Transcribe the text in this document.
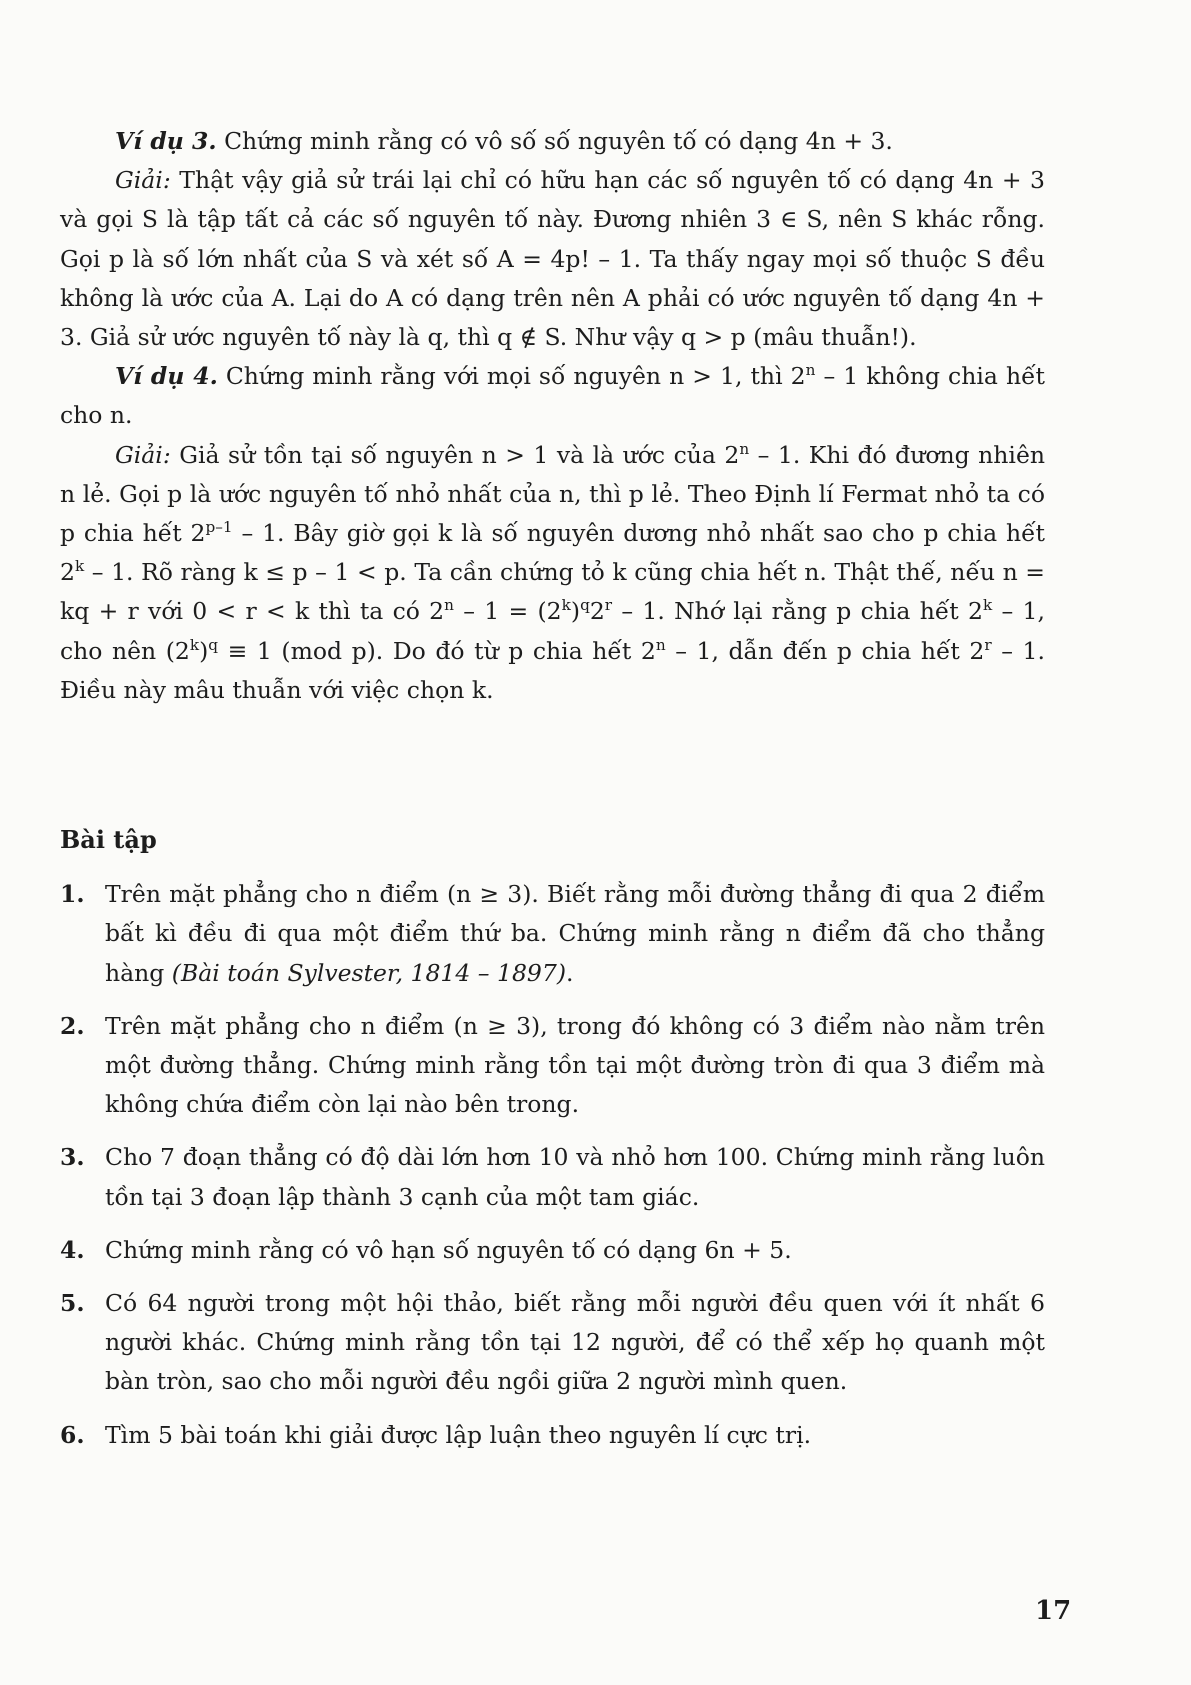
Ví dụ 3. Chứng minh rằng có vô số số nguyên tố có dạng 4n + 3.

Giải: Thật vậy giả sử trái lại chỉ có hữu hạn các số nguyên tố có dạng 4n + 3 và gọi S là tập tất cả các số nguyên tố này. Đương nhiên 3 ∈ S, nên S khác rỗng. Gọi p là số lớn nhất của S và xét số A = 4p! – 1. Ta thấy ngay mọi số thuộc S đều không là ước của A. Lại do A có dạng trên nên A phải có ước nguyên tố dạng 4n + 3. Giả sử ước nguyên tố này là q, thì q ∉ S. Như vậy q > p (mâu thuẫn!).

Ví dụ 4. Chứng minh rằng với mọi số nguyên n > 1, thì 2$^n$ – 1 không chia hết cho n.

Giải: Giả sử tồn tại số nguyên n > 1 và là ước của 2$^n$ – 1. Khi đó đương nhiên n lẻ. Gọi p là ước nguyên tố nhỏ nhất của n, thì p lẻ. Theo Định lí Fermat nhỏ ta có p chia hết 2$^{p-1}$ – 1. Bây giờ gọi k là số nguyên dương nhỏ nhất sao cho p chia hết 2$^k$ – 1. Rõ ràng k ≤ p – 1 < p. Ta cần chứng tỏ k cũng chia hết n. Thật thế, nếu n = kq + r với 0 < r < k thì ta có $2^n - 1 = (2^k)^q2^r - 1$. Nhớ lại rằng p chia hết 2$^k$ – 1, cho nên $(2^k)^q \equiv 1$ (mod p). Do đó từ p chia hết 2$^n$ – 1, dẫn đến p chia hết 2$^r$ – 1. Điều này mâu thuẫn với việc chọn k.

Bài tập
1. Trên mặt phẳng cho n điểm (n ≥ 3). Biết rằng mỗi đường thẳng đi qua 2 điểm bất kì đều đi qua một điểm thứ ba. Chứng minh rằng n điểm đã cho thẳng hàng (Bài toán Sylvester, 1814 – 1897).
2. Trên mặt phẳng cho n điểm (n ≥ 3), trong đó không có 3 điểm nào nằm trên một đường thẳng. Chứng minh rằng tồn tại một đường tròn đi qua 3 điểm mà không chứa điểm còn lại nào bên trong.
3. Cho 7 đoạn thẳng có độ dài lớn hơn 10 và nhỏ hơn 100. Chứng minh rằng luôn tồn tại 3 đoạn lập thành 3 cạnh của một tam giác.
4. Chứng minh rằng có vô hạn số nguyên tố có dạng 6n + 5.
5. Có 64 người trong một hội thảo, biết rằng mỗi người đều quen với ít nhất 6 người khác. Chứng minh rằng tồn tại 12 người, để có thể xếp họ quanh một bàn tròn, sao cho mỗi người đều ngồi giữa 2 người mình quen.
6. Tìm 5 bài toán khi giải được lập luận theo nguyên lí cực trị.
17
